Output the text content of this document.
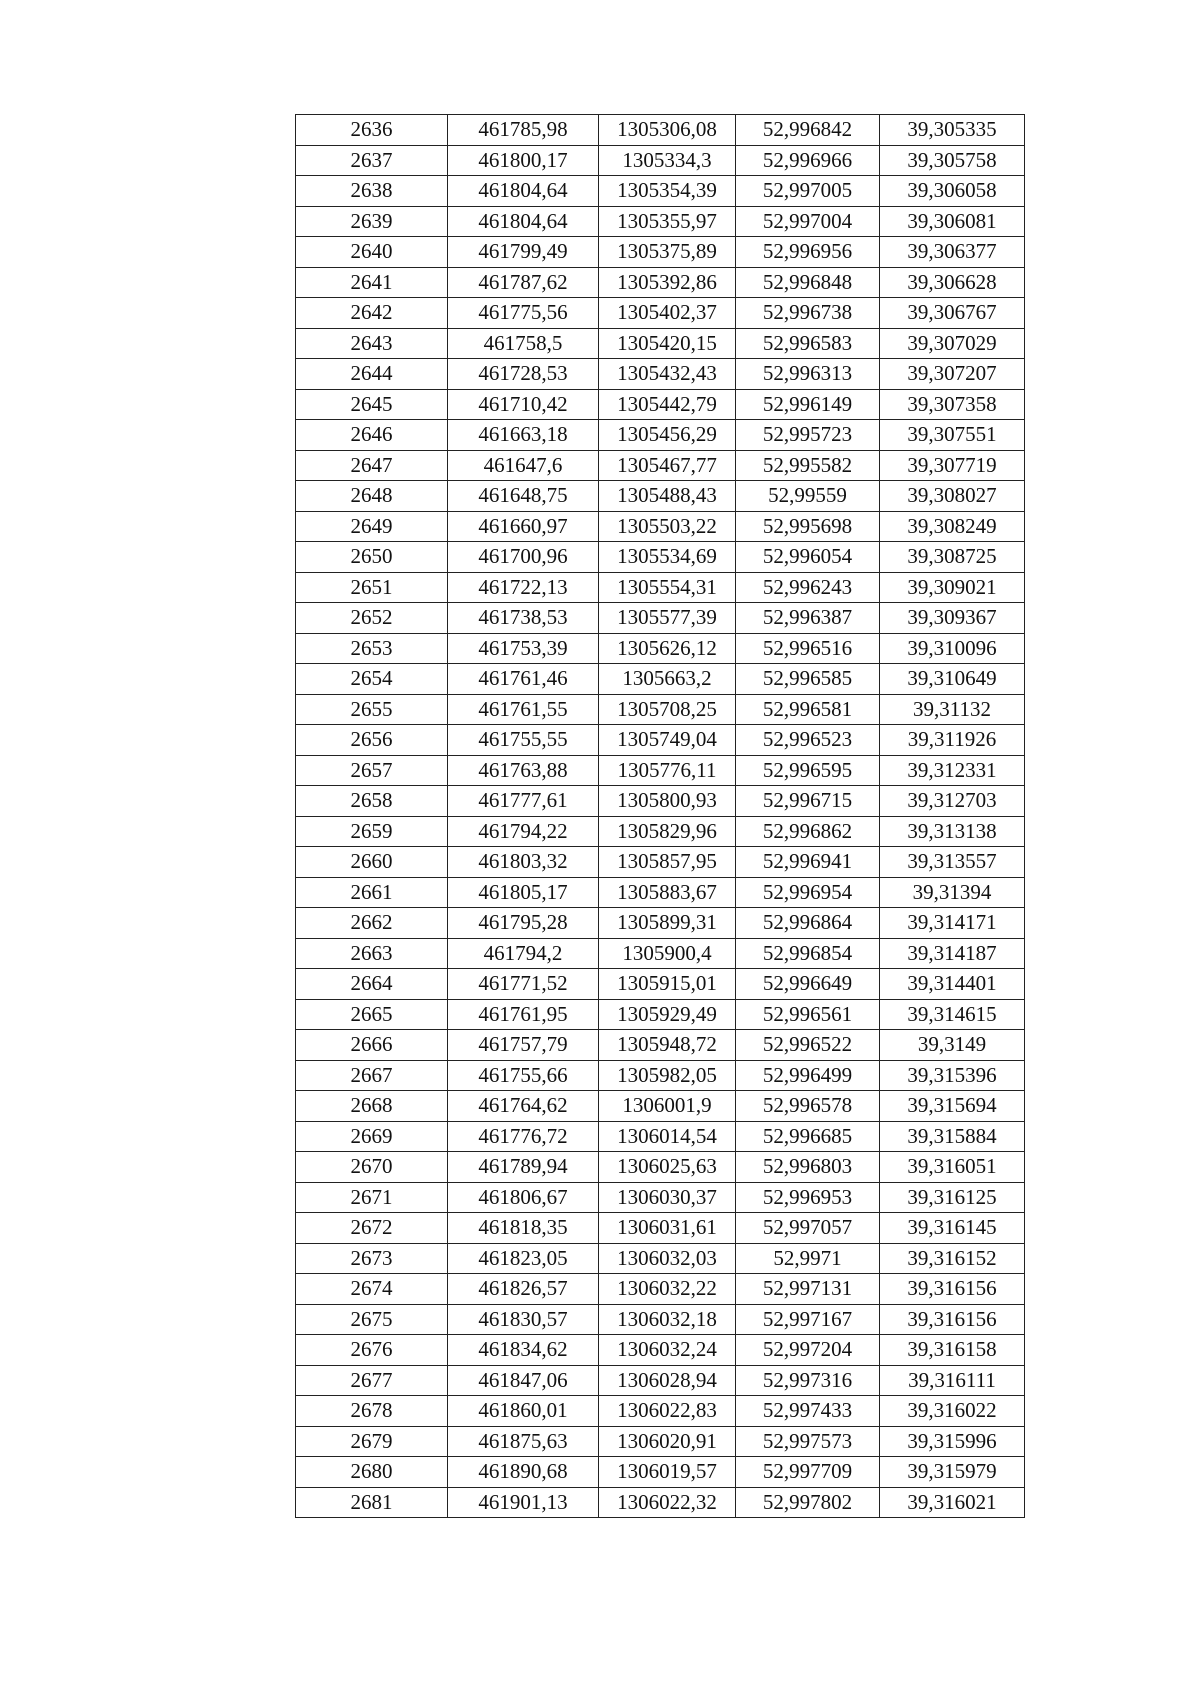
2636	461785,98	1305306,08	52,996842	39,305335
2637	461800,17	1305334,3	52,996966	39,305758
2638	461804,64	1305354,39	52,997005	39,306058
2639	461804,64	1305355,97	52,997004	39,306081
2640	461799,49	1305375,89	52,996956	39,306377
2641	461787,62	1305392,86	52,996848	39,306628
2642	461775,56	1305402,37	52,996738	39,306767
2643	461758,5	1305420,15	52,996583	39,307029
2644	461728,53	1305432,43	52,996313	39,307207
2645	461710,42	1305442,79	52,996149	39,307358
2646	461663,18	1305456,29	52,995723	39,307551
2647	461647,6	1305467,77	52,995582	39,307719
2648	461648,75	1305488,43	52,99559	39,308027
2649	461660,97	1305503,22	52,995698	39,308249
2650	461700,96	1305534,69	52,996054	39,308725
2651	461722,13	1305554,31	52,996243	39,309021
2652	461738,53	1305577,39	52,996387	39,309367
2653	461753,39	1305626,12	52,996516	39,310096
2654	461761,46	1305663,2	52,996585	39,310649
2655	461761,55	1305708,25	52,996581	39,31132
2656	461755,55	1305749,04	52,996523	39,311926
2657	461763,88	1305776,11	52,996595	39,312331
2658	461777,61	1305800,93	52,996715	39,312703
2659	461794,22	1305829,96	52,996862	39,313138
2660	461803,32	1305857,95	52,996941	39,313557
2661	461805,17	1305883,67	52,996954	39,31394
2662	461795,28	1305899,31	52,996864	39,314171
2663	461794,2	1305900,4	52,996854	39,314187
2664	461771,52	1305915,01	52,996649	39,314401
2665	461761,95	1305929,49	52,996561	39,314615
2666	461757,79	1305948,72	52,996522	39,3149
2667	461755,66	1305982,05	52,996499	39,315396
2668	461764,62	1306001,9	52,996578	39,315694
2669	461776,72	1306014,54	52,996685	39,315884
2670	461789,94	1306025,63	52,996803	39,316051
2671	461806,67	1306030,37	52,996953	39,316125
2672	461818,35	1306031,61	52,997057	39,316145
2673	461823,05	1306032,03	52,9971	39,316152
2674	461826,57	1306032,22	52,997131	39,316156
2675	461830,57	1306032,18	52,997167	39,316156
2676	461834,62	1306032,24	52,997204	39,316158
2677	461847,06	1306028,94	52,997316	39,316111
2678	461860,01	1306022,83	52,997433	39,316022
2679	461875,63	1306020,91	52,997573	39,315996
2680	461890,68	1306019,57	52,997709	39,315979
2681	461901,13	1306022,32	52,997802	39,316021
